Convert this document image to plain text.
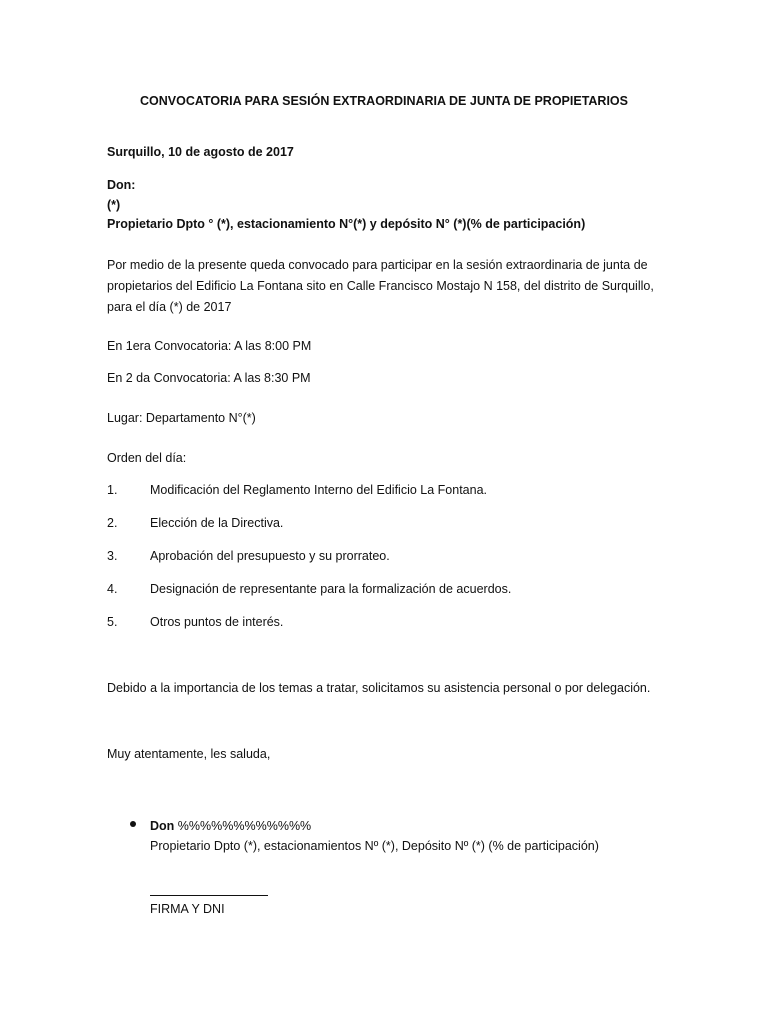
CONVOCATORIA PARA SESIÓN EXTRAORDINARIA DE JUNTA DE PROPIETARIOS
Surquillo, 10 de agosto de 2017
Don:
(*)
Propietario Dpto ° (*), estacionamiento N°(*) y depósito N° (*)(% de participación)
Por medio de la presente queda convocado para participar en la sesión extraordinaria de junta de
propietarios del Edificio La Fontana sito en Calle Francisco Mostajo N 158, del distrito de Surquillo,
para el día (*) de 2017
En 1era Convocatoria: A las 8:00 PM
En 2 da Convocatoria: A las 8:30 PM
Lugar: Departamento N°(*)
Orden del día:
1.	Modificación del Reglamento Interno del Edificio La Fontana.
2.	Elección de la Directiva.
3.	Aprobación del presupuesto y su prorrateo.
4.	Designación de representante para la formalización de acuerdos.
5.	Otros puntos de interés.
Debido a la importancia de los temas a tratar, solicitamos su asistencia personal o por delegación.
Muy atentamente, les saluda,
Don %%%%%%%%%%%%
Propietario Dpto (*), estacionamientos Nº (*), Depósito Nº (*) (% de participación)
FIRMA Y DNI
